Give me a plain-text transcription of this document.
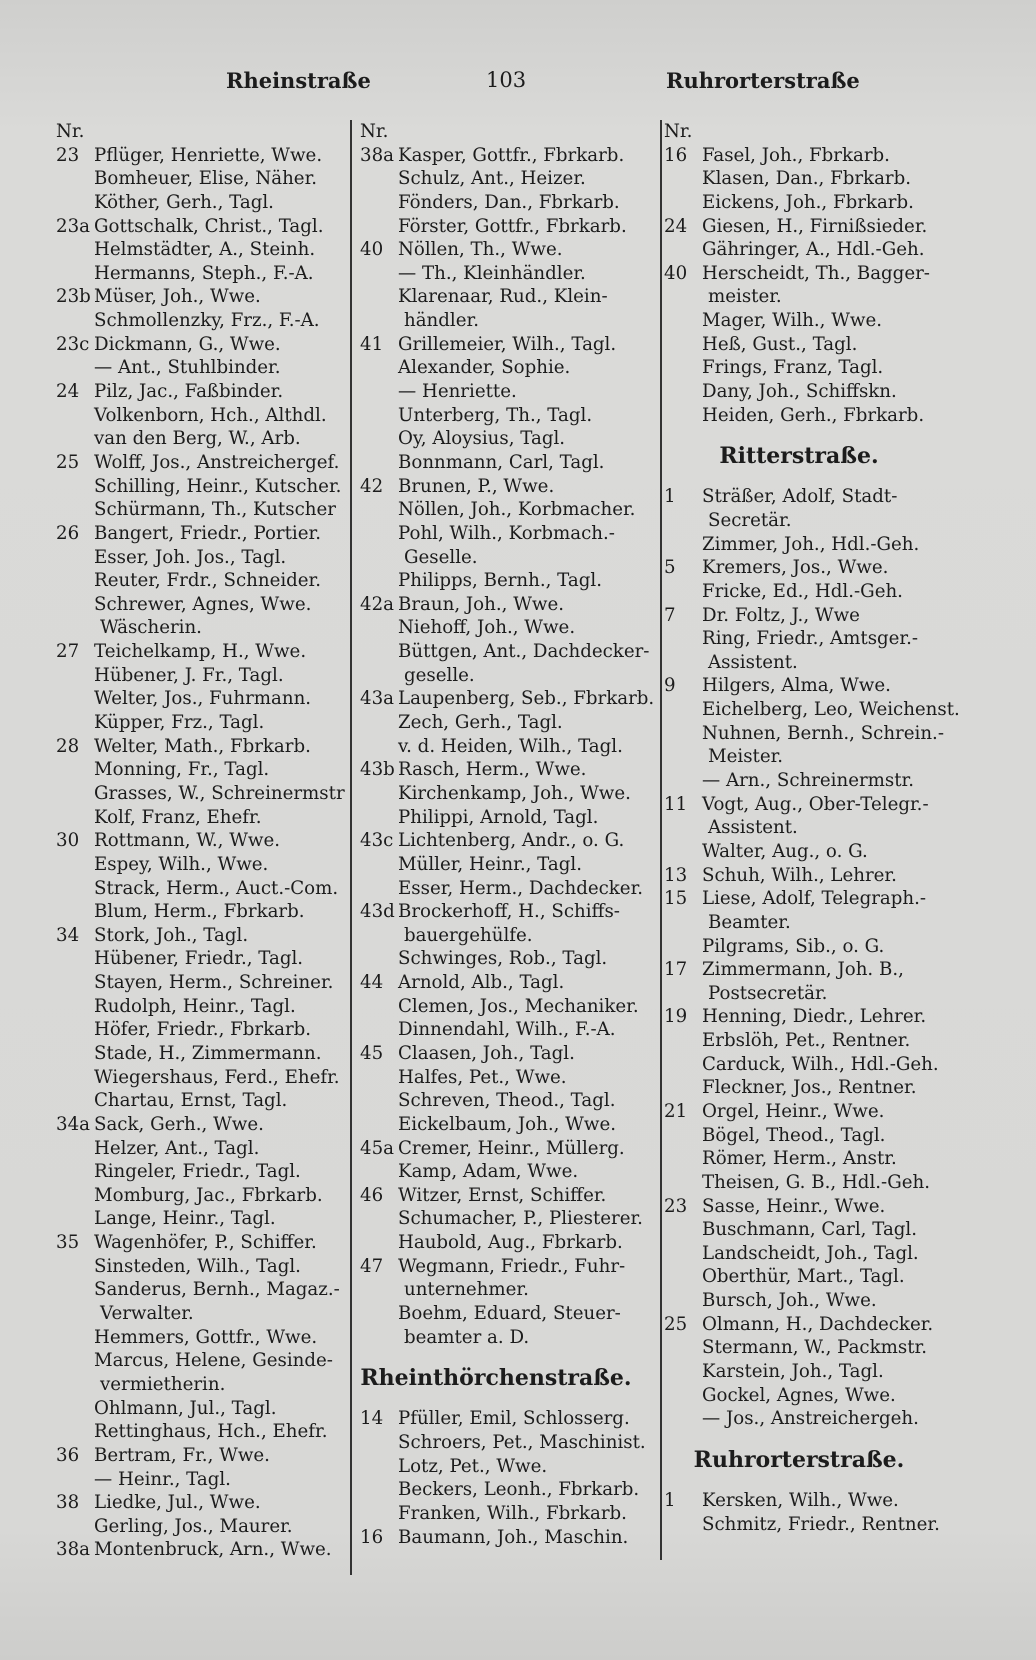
Rheinstraße	103	Ruhrorterstraße
Nr.
23 Pflüger, Henriette, Wwe.
Bomheuer, Elise, Näher.
Köther, Gerh., Tagl.
23a Gottschalk, Christ., Tagl.
Helmstädter, A., Steinh.
Hermanns, Steph., F.-A.
23b Müser, Joh., Wwe.
Schmollenzky, Frz., F.-A.
23c Dickmann, G., Wwe.
— Ant., Stuhlbinder.
24 Pilz, Jac., Faßbinder.
Volkenborn, Hch., Althdl.
van den Berg, W., Arb.
25 Wolff, Jos., Anstreichergef.
Schilling, Heinr., Kutscher.
Schürmann, Th., Kutscher
26 Bangert, Friedr., Portier.
Esser, Joh. Jos., Tagl.
Reuter, Frdr., Schneider.
Schrewer, Agnes, Wwe.
Wäscherin.
27 Teichelkamp, H., Wwe.
Hübener, J. Fr., Tagl.
Welter, Jos., Fuhrmann.
Küpper, Frz., Tagl.
28 Welter, Math., Fbrkarb.
Monning, Fr., Tagl.
Grasses, W., Schreinermstr
Kolf, Franz, Ehefr.
30 Rottmann, W., Wwe.
Espey, Wilh., Wwe.
Strack, Herm., Auct.-Com.
Blum, Herm., Fbrkarb.
34 Stork, Joh., Tagl.
Hübener, Friedr., Tagl.
Stayen, Herm., Schreiner.
Rudolph, Heinr., Tagl.
Höfer, Friedr., Fbrkarb.
Stade, H., Zimmermann.
Wiegershaus, Ferd., Ehefr.
Chartau, Ernst, Tagl.
34a Sack, Gerh., Wwe.
Helzer, Ant., Tagl.
Ringeler, Friedr., Tagl.
Momburg, Jac., Fbrkarb.
Lange, Heinr., Tagl.
35 Wagenhöfer, P., Schiffer.
Sinsteden, Wilh., Tagl.
Sanderus, Bernh., Magaz.-
Verwalter.
Hemmers, Gottfr., Wwe.
Marcus, Helene, Gesinde-
vermietherin.
Ohlmann, Jul., Tagl.
Rettinghaus, Hch., Ehefr.
36 Bertram, Fr., Wwe.
— Heinr., Tagl.
38 Liedke, Jul., Wwe.
Gerling, Jos., Maurer.
38a Montenbruck, Arn., Wwe.
Nr.
38a Kasper, Gottfr., Fbrkarb.
Schulz, Ant., Heizer.
Fönders, Dan., Fbrkarb.
Förster, Gottfr., Fbrkarb.
40 Nöllen, Th., Wwe.
— Th., Kleinhändler.
Klarenaar, Rud., Klein-
händler.
41 Grillemeier, Wilh., Tagl.
Alexander, Sophie.
— Henriette.
Unterberg, Th., Tagl.
Oy, Aloysius, Tagl.
Bonnmann, Carl, Tagl.
42 Brunen, P., Wwe.
Nöllen, Joh., Korbmacher.
Pohl, Wilh., Korbmach.-
Geselle.
Philipps, Bernh., Tagl.
42a Braun, Joh., Wwe.
Niehoff, Joh., Wwe.
Büttgen, Ant., Dachdecker-
geselle.
43a Laupenberg, Seb., Fbrkarb.
Zech, Gerh., Tagl.
v. d. Heiden, Wilh., Tagl.
43b Rasch, Herm., Wwe.
Kirchenkamp, Joh., Wwe.
Philippi, Arnold, Tagl.
43c Lichtenberg, Andr., o. G.
Müller, Heinr., Tagl.
Esser, Herm., Dachdecker.
43d Brockerhoff, H., Schiffs-
bauergehülfe.
Schwinges, Rob., Tagl.
44 Arnold, Alb., Tagl.
Clemen, Jos., Mechaniker.
Dinnendahl, Wilh., F.-A.
45 Claasen, Joh., Tagl.
Halfes, Pet., Wwe.
Schreven, Theod., Tagl.
Eickelbaum, Joh., Wwe.
45a Cremer, Heinr., Müllerg.
Kamp, Adam, Wwe.
46 Witzer, Ernst, Schiffer.
Schumacher, P., Pliesterer.
Haubold, Aug., Fbrkarb.
47 Wegmann, Friedr., Fuhr-
unternehmer.
Boehm, Eduard, Steuer-
beamter a. D.
Rheinthörchenstraße.
14 Pfüller, Emil, Schlosserg.
Schroers, Pet., Maschinist.
Lotz, Pet., Wwe.
Beckers, Leonh., Fbrkarb.
Franken, Wilh., Fbrkarb.
16 Baumann, Joh., Maschin.
Nr.
16 Fasel, Joh., Fbrkarb.
Klasen, Dan., Fbrkarb.
Eickens, Joh., Fbrkarb.
24 Giesen, H., Firnißsieder.
Gähringer, A., Hdl.-Geh.
40 Herscheidt, Th., Bagger-
meister.
Mager, Wilh., Wwe.
Heß, Gust., Tagl.
Frings, Franz, Tagl.
Dany, Joh., Schiffskn.
Heiden, Gerh., Fbrkarb.
Ritterstraße.
1	Sträßer, Adolf, Stadt-
Secretär.
Zimmer, Joh., Hdl.-Geh.
5	Kremers, Jos., Wwe.
Fricke, Ed., Hdl.-Geh.
7	Dr. Foltz, J., Wwe
Ring, Friedr., Amtsger.-
Assistent.
9	Hilgers, Alma, Wwe.
Eichelberg, Leo, Weichenst.
Nuhnen, Bernh., Schrein.-
Meister.
— Arn., Schreinermstr.
11 Vogt, Aug., Ober-Telegr.-
Assistent.
Walter, Aug., o. G.
13 Schuh, Wilh., Lehrer.
15 Liese, Adolf, Telegraph.-
Beamter.
Pilgrams, Sib., o. G.
17 Zimmermann, Joh. B.,
Postsecretär.
19 Henning, Diedr., Lehrer.
Erbslöh, Pet., Rentner.
Carduck, Wilh., Hdl.-Geh.
Fleckner, Jos., Rentner.
21 Orgel, Heinr., Wwe.
Bögel, Theod., Tagl.
Römer, Herm., Anstr.
Theisen, G. B., Hdl.-Geh.
23 Sasse, Heinr., Wwe.
Buschmann, Carl, Tagl.
Landscheidt, Joh., Tagl.
Oberthür, Mart., Tagl.
Bursch, Joh., Wwe.
25 Olmann, H., Dachdecker.
Stermann, W., Packmstr.
Karstein, Joh., Tagl.
Gockel, Agnes, Wwe.
— Jos., Anstreichergeh.
Ruhrorterstraße.
1	Kersken, Wilh., Wwe.
Schmitz, Friedr., Rentner.
